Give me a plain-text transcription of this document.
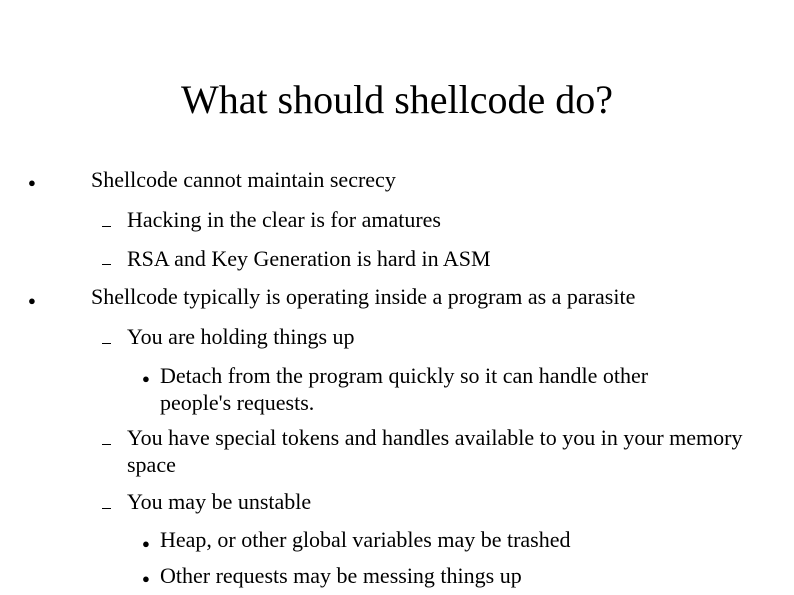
What should shellcode do?
●	Shellcode cannot maintain secrecy
Hacking in the clear is for amatures
RSA and Key Generation is hard in ASM
●	Shellcode typically is operating inside a program as a parasite
You are holding things up
● Detach from the program quickly so it can handle other people's requests.
You have special tokens and handles available to you in your memory space
You may be unstable
● Heap, or other global variables may be trashed
● Other requests may be messing things up
